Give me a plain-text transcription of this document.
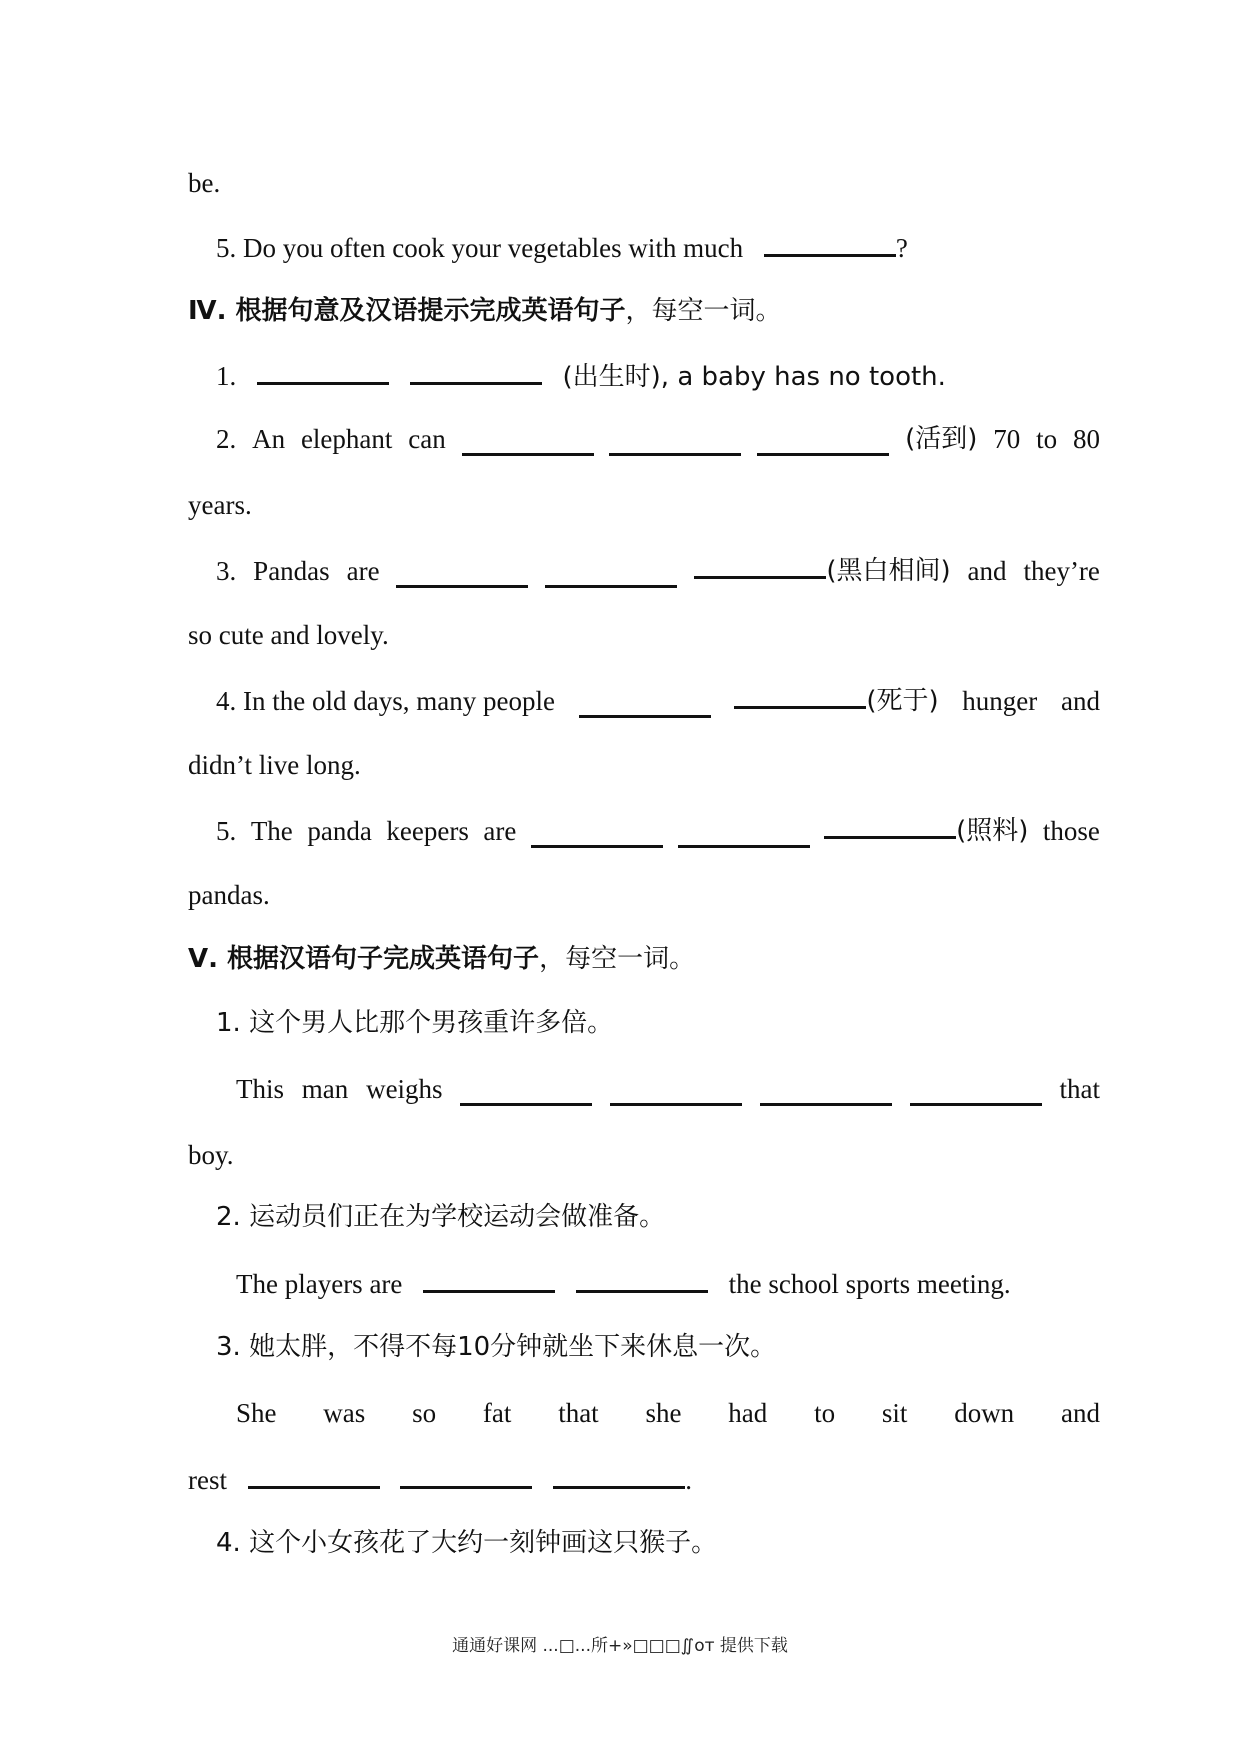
be.
5. Do you often cook your vegetables with much	?
Ⅳ. 根据句意及汉语提示完成英语句子，每空一词。
1.	(出生时), a baby has no tooth.
2. An elephant can	(活到) 70 to 80
years.
3. Pandas are	(黑白相间) and they’re
so cute and lovely.
4. In the old days, many people	(死于) hunger and
didn’t live long.
5. The panda keepers are	(照料) those
pandas.
Ⅴ. 根据汉语句子完成英语句子，每空一词。
1. 这个男人比那个男孩重许多倍。
This man weighs	that
boy.
2. 运动员们正在为学校运动会做准备。
The players are	the school sports meeting.
3. 她太胖，不得不每10分钟就坐下来休息一次。
She was so fat that she had to sit down and
rest	.
4. 这个小女孩花了大约一刻钟画这只猴子。
通通好课网 ...□...所+»□□□∬oт 提供下载
